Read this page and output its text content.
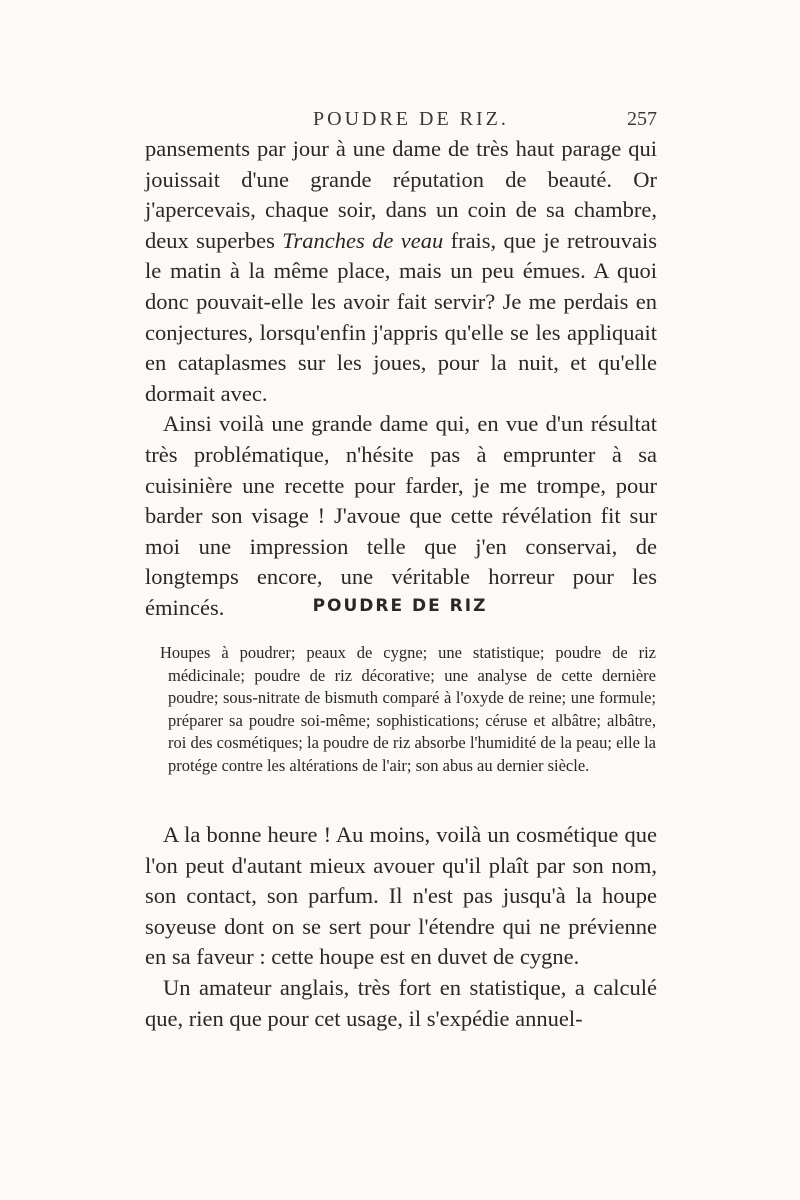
POUDRE DE RIZ.	257

pansements par jour à une dame de très haut parage qui jouissait d'une grande réputation de beauté. Or j'apercevais, chaque soir, dans un coin de sa chambre, deux superbes Tranches de veau frais, que je retrouvais le matin à la même place, mais un peu émues. A quoi donc pouvait-elle les avoir fait servir? Je me perdais en conjectures, lorsqu'enfin j'appris qu'elle se les appliquait en cataplasmes sur les joues, pour la nuit, et qu'elle dormait avec.

Ainsi voilà une grande dame qui, en vue d'un résultat très problématique, n'hésite pas à emprunter à sa cuisinière une recette pour farder, je me trompe, pour barder son visage ! J'avoue que cette révélation fit sur moi une impression telle que j'en conservai, de longtemps encore, une véritable horreur pour les émincés.	POUDRE DE RIZ
Houpes à poudrer; peaux de cygne; une statistique; poudre de riz médicinale; poudre de riz décorative; une analyse de cette dernière poudre; sous-nitrate de bismuth comparé à l'oxyde de reine; une formule; préparer sa poudre soi-même; sophistications; céruse et albâtre; albâtre, roi des cosmétiques; la poudre de riz absorbe l'humidité de la peau; elle la protége contre les altérations de l'air; son abus au dernier siècle.

A la bonne heure ! Au moins, voilà un cosmétique que l'on peut d'autant mieux avouer qu'il plaît par son nom, son contact, son parfum. Il n'est pas jusqu'à la houpe soyeuse dont on se sert pour l'étendre qui ne prévienne en sa faveur : cette houpe est en duvet de cygne.

Un amateur anglais, très fort en statistique, a calculé que, rien que pour cet usage, il s'expédie annuel-
